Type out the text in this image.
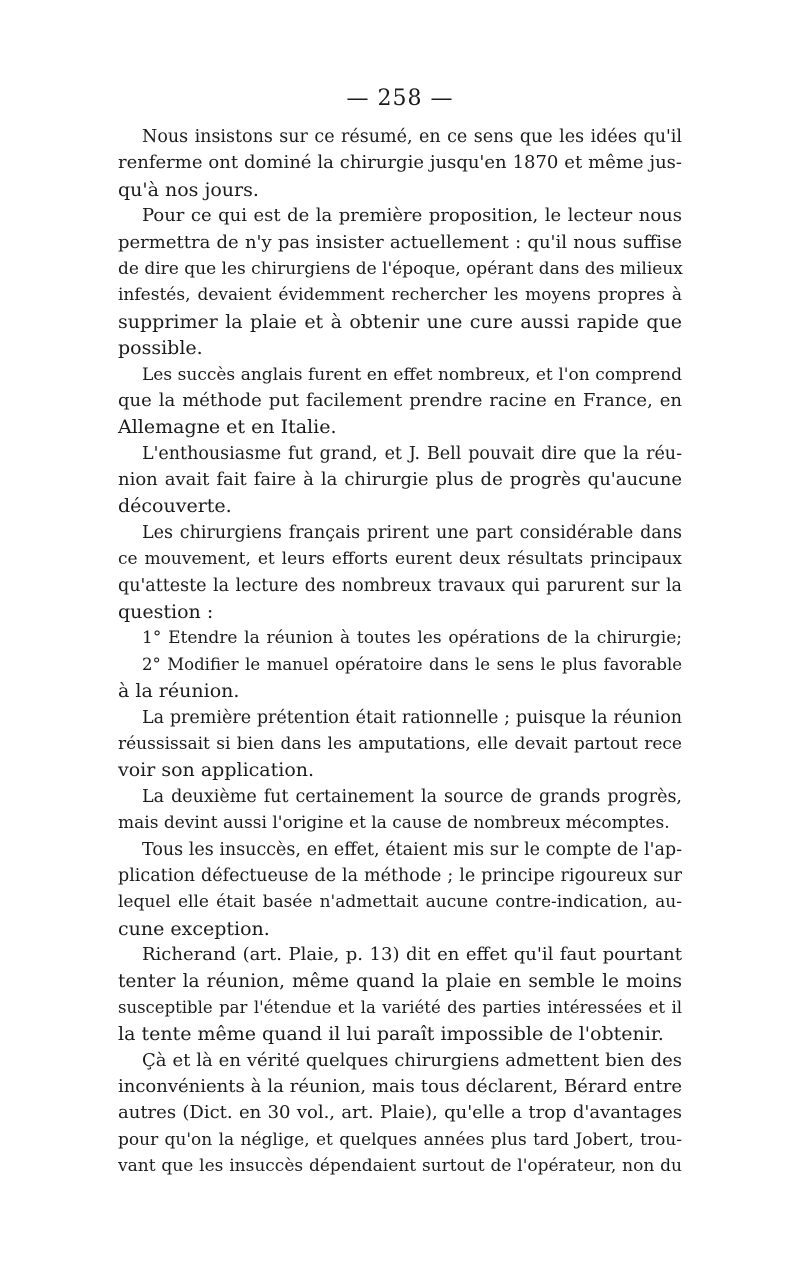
— 258 —
Nous insistons sur ce résumé, en ce sens que les idées qu'il
renferme ont dominé la chirurgie jusqu'en 1870 et même jus-
qu'à nos jours.
Pour ce qui est de la première proposition, le lecteur nous
permettra de n'y pas insister actuellement : qu'il nous suffise
de dire que les chirurgiens de l'époque, opérant dans des milieux
infestés, devaient évidemment rechercher les moyens propres à
supprimer la plaie et à obtenir une cure aussi rapide que
possible.
Les succès anglais furent en effet nombreux, et l'on comprend
que la méthode put facilement prendre racine en France, en
Allemagne et en Italie.
L'enthousiasme fut grand, et J. Bell pouvait dire que la réu-
nion avait fait faire à la chirurgie plus de progrès qu'aucune
découverte.
Les chirurgiens français prirent une part considérable dans
ce mouvement, et leurs efforts eurent deux résultats principaux
qu'atteste la lecture des nombreux travaux qui parurent sur la
question :
1° Etendre la réunion à toutes les opérations de la chirurgie;
2° Modifier le manuel opératoire dans le sens le plus favorable
à la réunion.
La première prétention était rationnelle ; puisque la réunion
réussissait si bien dans les amputations, elle devait partout rece
voir son application.
La deuxième fut certainement la source de grands progrès,
mais devint aussi l'origine et la cause de nombreux mécomptes.
Tous les insuccès, en effet, étaient mis sur le compte de l'ap-
plication défectueuse de la méthode ; le principe rigoureux sur
lequel elle était basée n'admettait aucune contre-indication, au-
cune exception.
Richerand (art. Plaie, p. 13) dit en effet qu'il faut pourtant
tenter la réunion, même quand la plaie en semble le moins
susceptible par l'étendue et la variété des parties intéressées et il
la tente même quand il lui paraît impossible de l'obtenir.
Çà et là en vérité quelques chirurgiens admettent bien des
inconvénients à la réunion, mais tous déclarent, Bérard entre
autres (Dict. en 30 vol., art. Plaie), qu'elle a trop d'avantages
pour qu'on la néglige, et quelques années plus tard Jobert, trou-
vant que les insuccès dépendaient surtout de l'opérateur, non du
